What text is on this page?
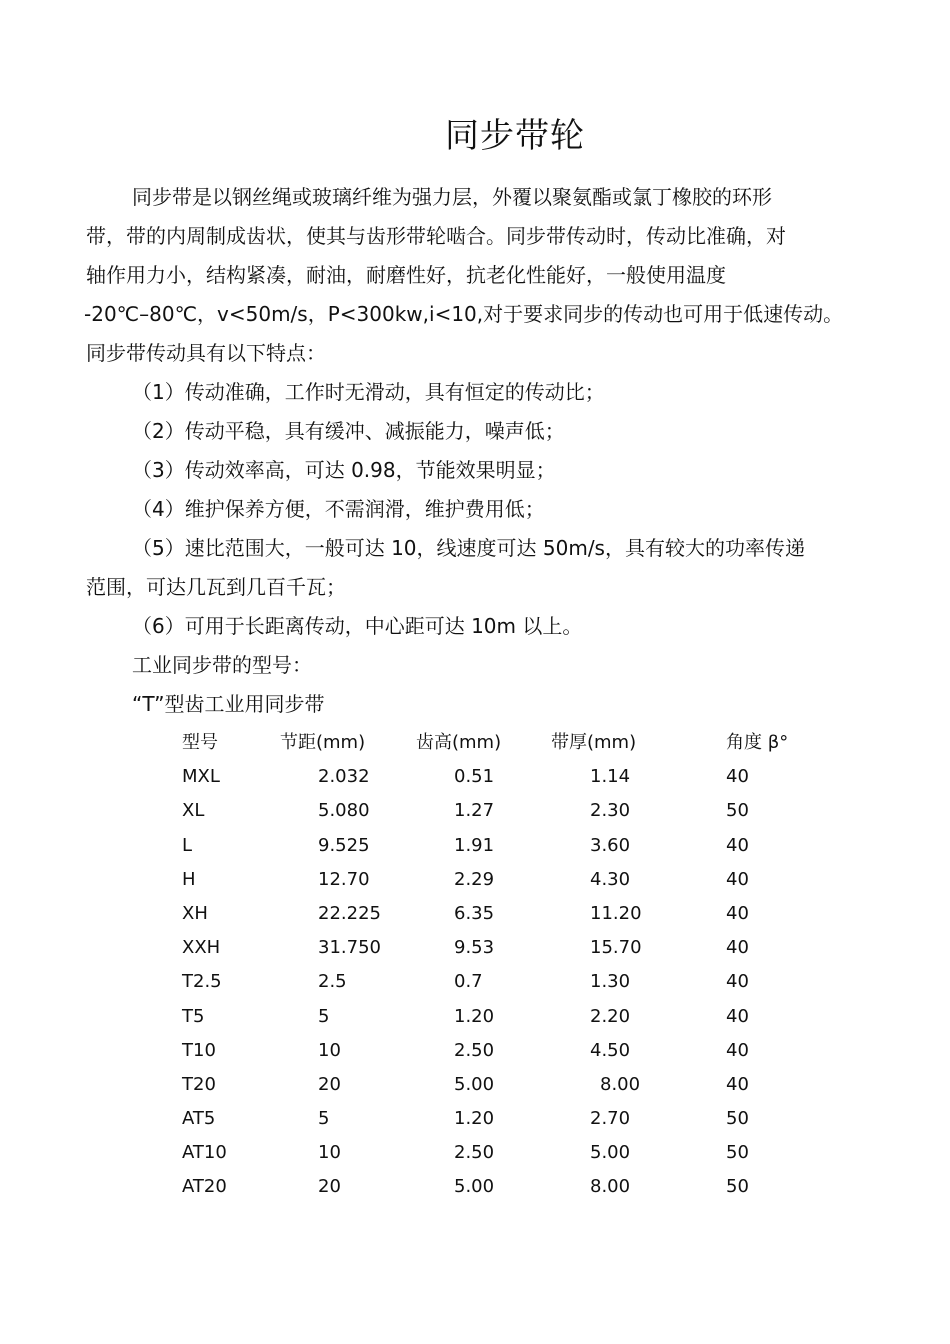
同步带轮
同步带是以钢丝绳或玻璃纤维为强力层，外覆以聚氨酯或氯丁橡胶的环形
带，带的内周制成齿状，使其与齿形带轮啮合。同步带传动时，传动比准确，对
轴作用力小，结构紧凑，耐油，耐磨性好，抗老化性能好，一般使用温度
-20℃–80℃，v<50m/s，P<300kw,i<10,对于要求同步的传动也可用于低速传动。
同步带传动具有以下特点：
（1）传动准确，工作时无滑动，具有恒定的传动比；
（2）传动平稳，具有缓冲、减振能力，噪声低；
（3）传动效率高，可达 0.98，节能效果明显；
（4）维护保养方便，不需润滑，维护费用低；
（5）速比范围大，一般可达 10，线速度可达 50m/s，具有较大的功率传递
范围，可达几瓦到几百千瓦；
（6）可用于长距离传动，中心距可达 10m 以上。
工业同步带的型号：
“T”型齿工业用同步带
型号	节距(mm)	齿高(mm)	带厚(mm)	角度 β°
MXL	2.032	0.51	1.14	40
XL	5.080	1.27	2.30	50
L	9.525	1.91	3.60	40
H	12.70	2.29	4.30	40
XH	22.225	6.35	11.20	40
XXH	31.750	9.53	15.70	40
T2.5	2.5	0.7	1.30	40
T5	5	1.20	2.20	40
T10	10	2.50	4.50	40
T20	20	5.00	8.00	40
AT5	5	1.20	2.70	50
AT10	10	2.50	5.00	50
AT20	20	5.00	8.00	50
